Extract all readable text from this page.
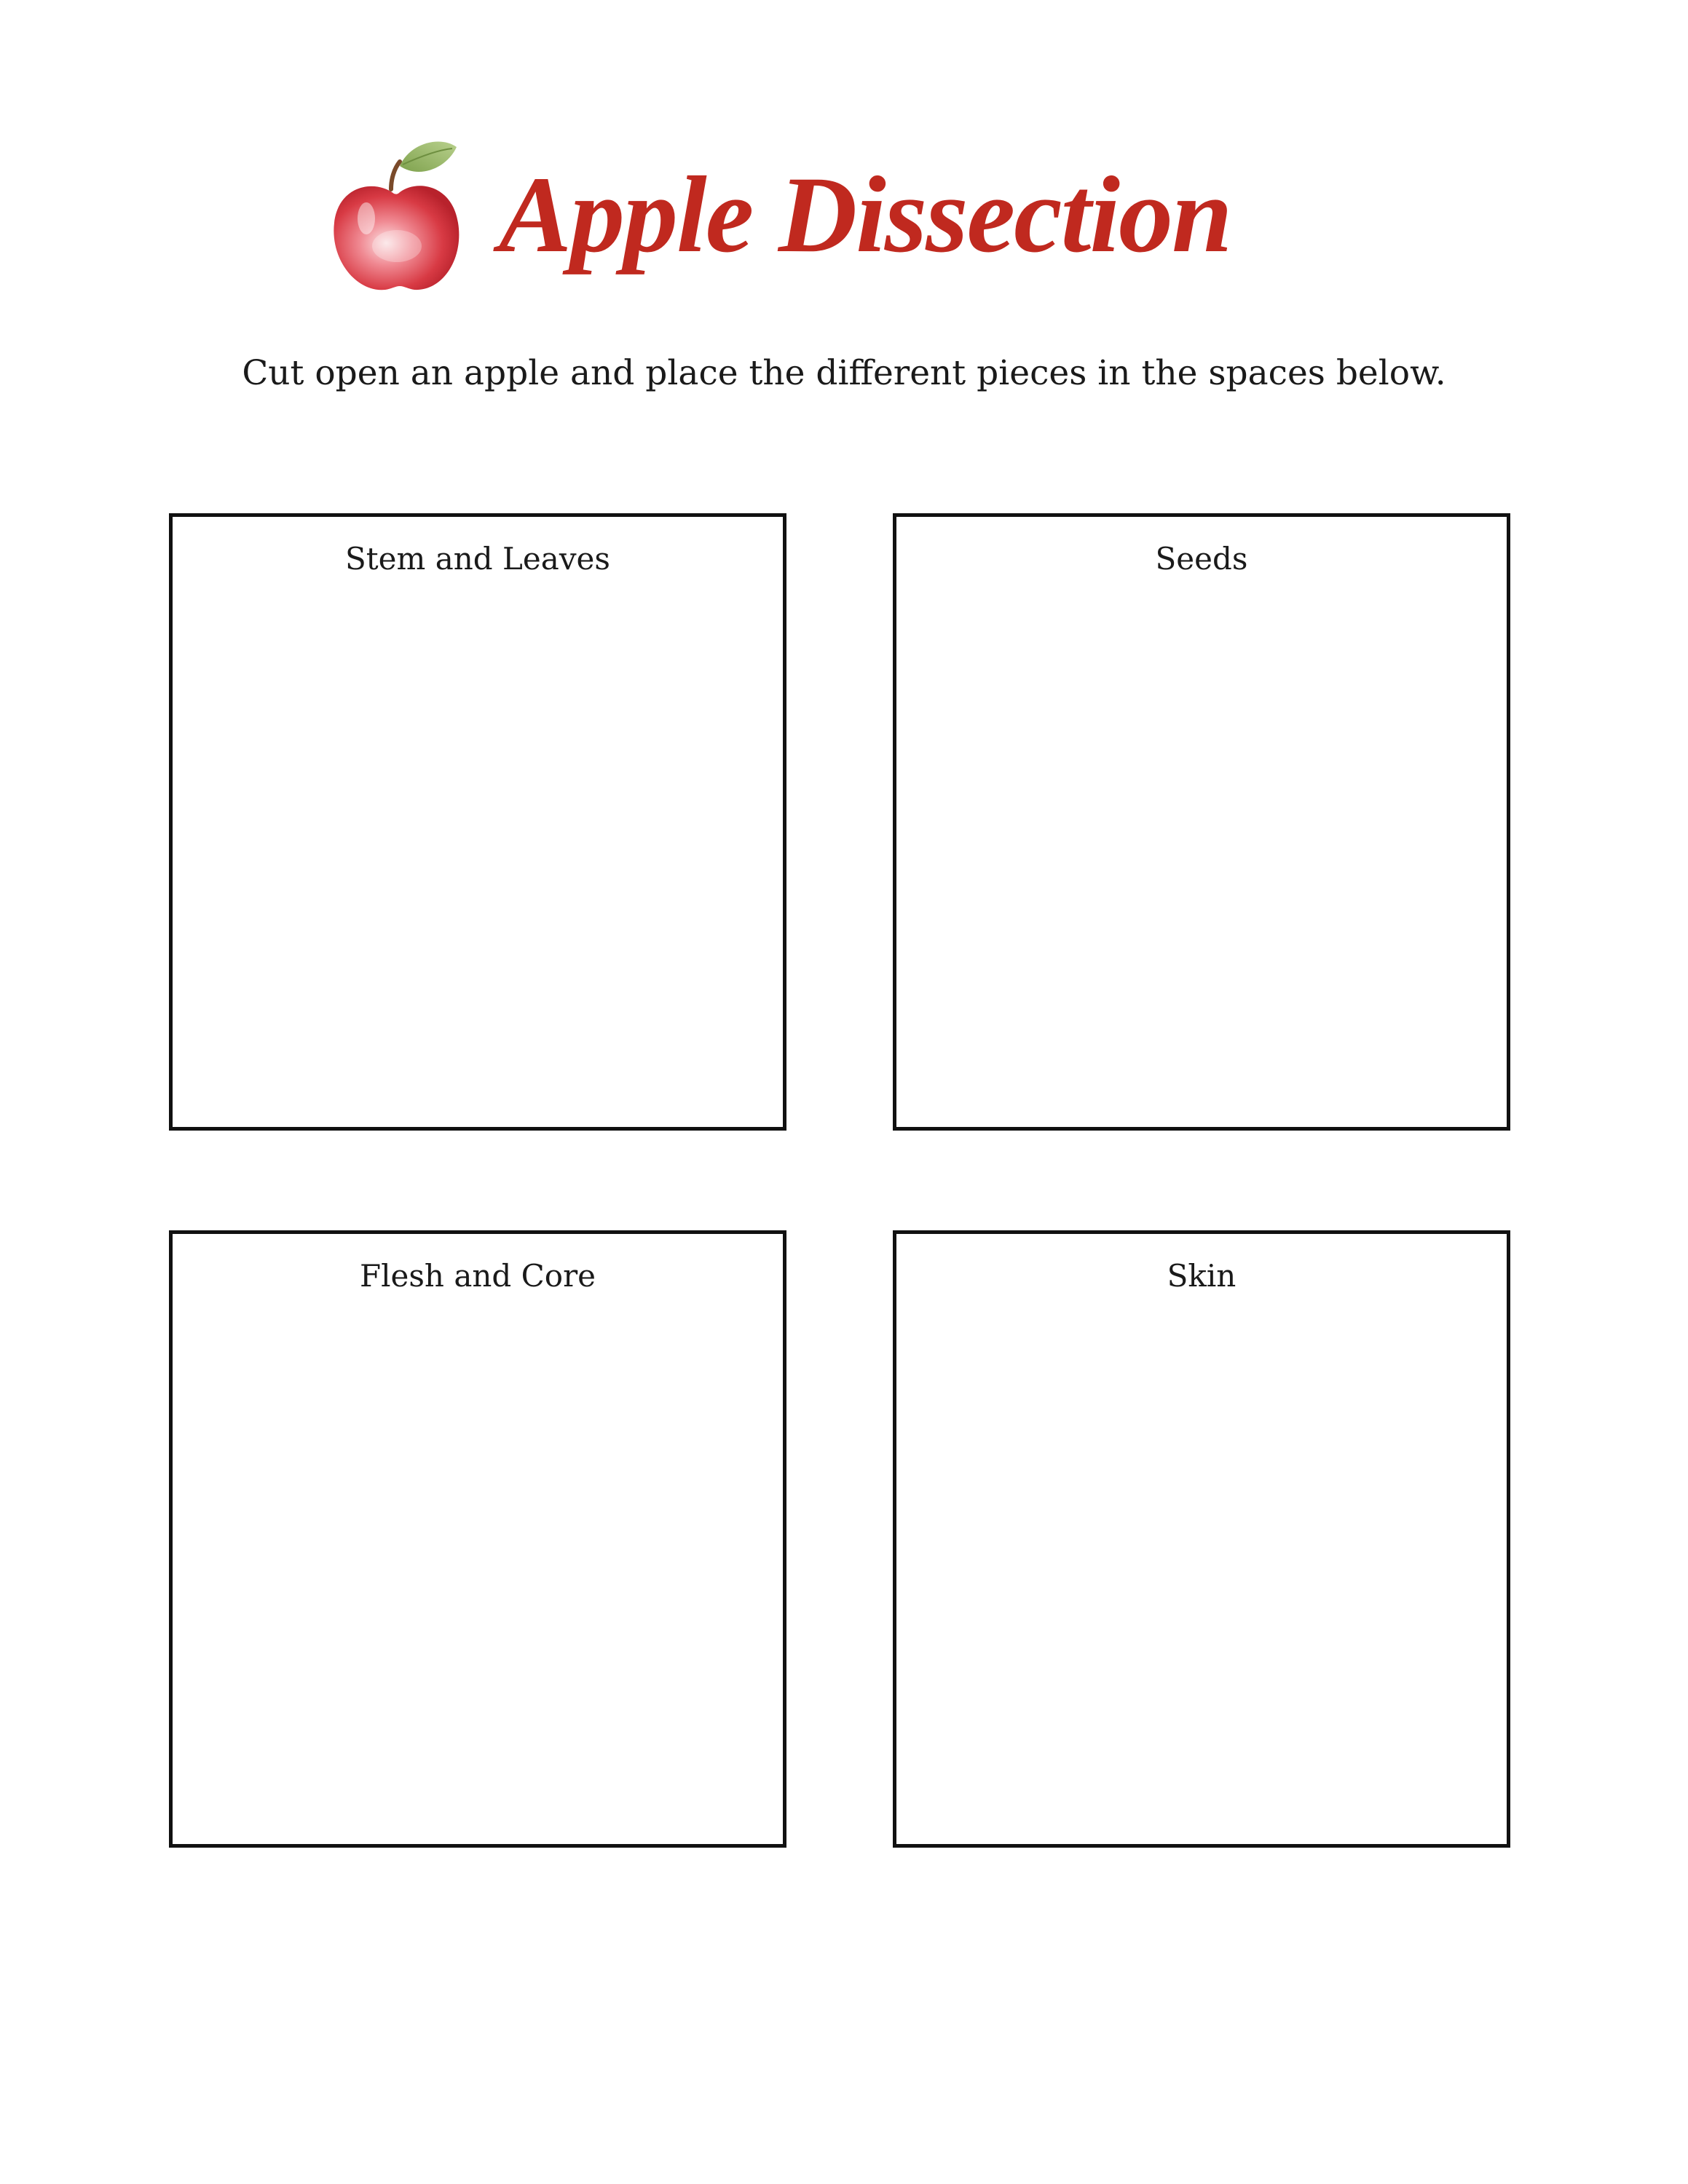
Apple Dissection
Cut open an apple and place the different pieces in the spaces below.
Stem and Leaves	Seeds
Flesh and Core	Skin
